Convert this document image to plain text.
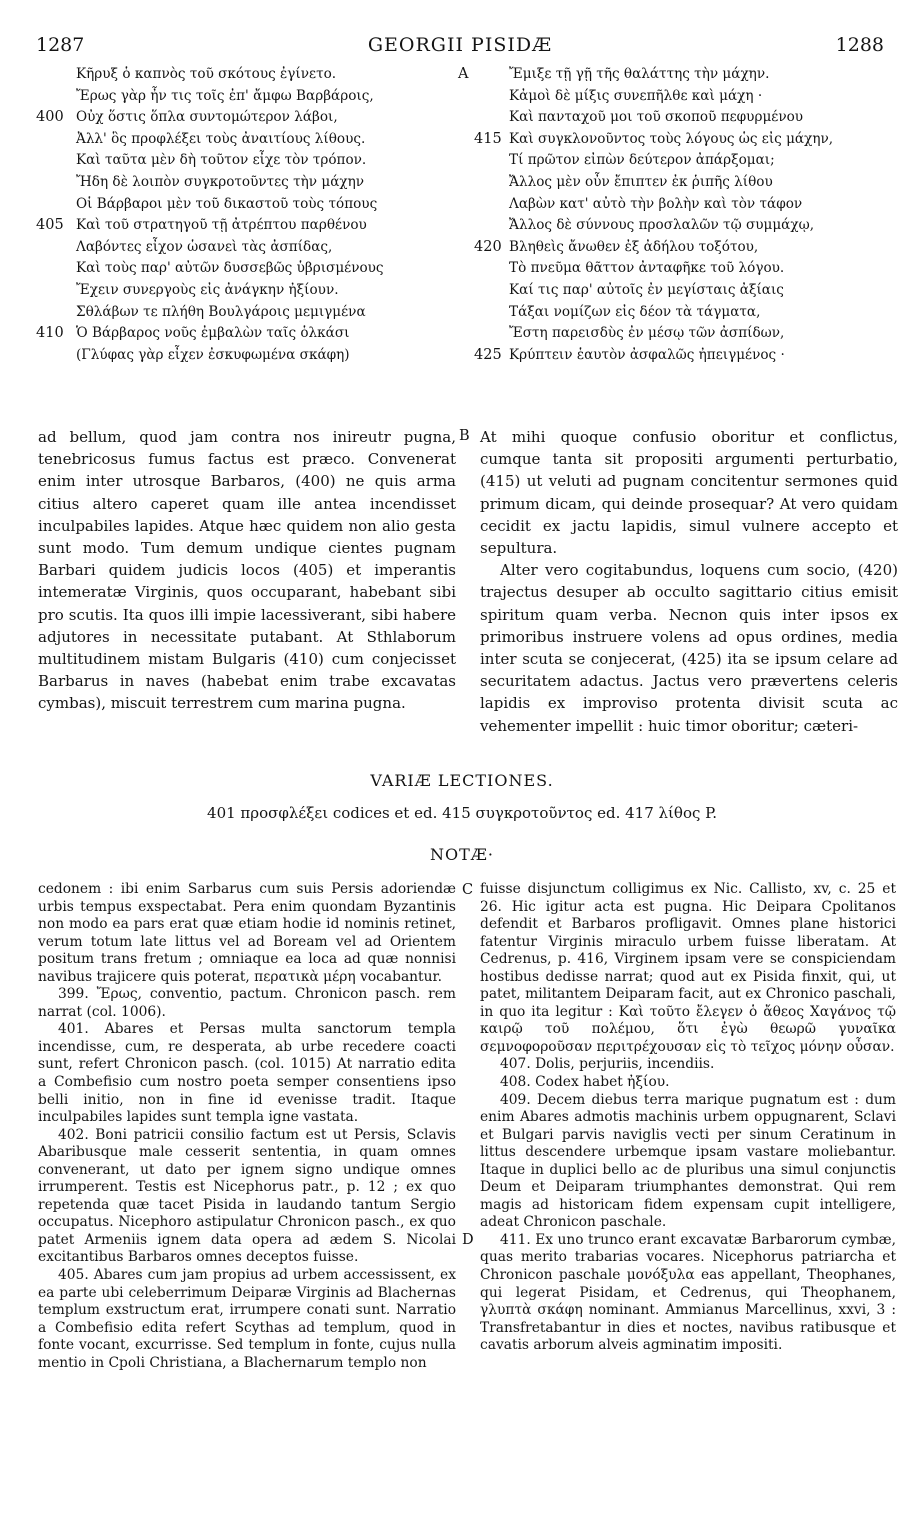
1287	GEORGII PISIDÆ	1288
Κῆρυξ ὁ καπνὸς τοῦ σκότους ἐγίνετο.
Ἔρως γὰρ ἦν τις τοῖς ἐπ' ἄμφω Βαρβάροις,
400 Οὐχ ὅστις ὅπλα συντομώτερον λάβοι,
Ἀλλ' ὃς προφλέξει τοὺς ἀναιτίους λίθους.
Καὶ ταῦτα μὲν δὴ τοῦτον εἶχε τὸν τρόπον.
Ἤδη δὲ λοιπὸν συγκροτοῦντες τὴν μάχην
Οἱ Βάρβαροι μὲν τοῦ δικαστοῦ τοὺς τόπους
405 Καὶ τοῦ στρατηγοῦ τῇ ἀτρέπτου παρθένου
Λαβόντες εἶχον ὡσανεὶ τὰς ἀσπίδας,
Καὶ τοὺς παρ' αὐτῶν δυσσεβῶς ὑβρισμένους
Ἔχειν συνεργοὺς εἰς ἀνάγκην ἠξίουν.
Σθλάβων τε πλήθη Βουλγάροις μεμιγμένα
410 Ὁ Βάρβαρος νοῦς ἐμβαλὼν ταῖς ὁλκάσι
(Γλύφας γὰρ εἶχεν ἐσκυφωμένα σκάφη)
Ἔμιξε τῇ γῇ τῆς θαλάττης τὴν μάχην.
Κἀμοὶ δὲ μίξις συνεπῆλθε καὶ μάχη ·
Καὶ πανταχοῦ μοι τοῦ σκοποῦ πεφυρμένου
415 Καὶ συγκλονοῦντος τοὺς λόγους ὡς εἰς μάχην,
Τί πρῶτον εἰπὼν δεύτερον ἀπάρξομαι;
Ἄλλος μὲν οὖν ἔπιπτεν ἐκ ῥιπῆς λίθου
Λαβὼν κατ' αὐτὸ τὴν βολὴν καὶ τὸν τάφον
Ἄλλος δὲ σύννους προσλαλῶν τῷ συμμάχῳ,
420 Βληθεὶς ἄνωθεν ἐξ ἀδήλου τοξότου,
Τὸ πνεῦμα θᾶττον ἀνταφῆκε τοῦ λόγου.
Καί τις παρ' αὐτοῖς ἐν μεγίσταις ἀξίαις
Τάξαι νομίζων εἰς δέον τὰ τάγματα,
Ἔστη παρεισδὺς ἐν μέσῳ τῶν ἀσπίδων,
425 Κρύπτειν ἑαυτὸν ἀσφαλῶς ἠπειγμένος ·
A
B
C
D

ad bellum, quod jam contra nos inireutr pugna, tenebricosus fumus factus est præco. Convenerat enim inter utrosque Barbaros, (400) ne quis arma citius altero caperet quam ille antea incendisset inculpabiles lapides. Atque hæc quidem non alio gesta sunt modo. Tum demum undique cientes pugnam Barbari quidem judicis locos (405) et imperantis intemeratæ Virginis, quos occuparant, habebant sibi pro scutis. Ita quos illi impie lacessiverant, sibi habere adjutores in necessitate putabant. At Sthlaborum multitudinem mistam Bulgaris (410) cum conjecisset Barbarus in naves (habebat enim trabe excavatas cymbas), miscuit terrestrem cum marina pugna.

At mihi quoque confusio oboritur et conflictus, cumque tanta sit propositi argumenti perturbatio, (415) ut veluti ad pugnam concitentur sermones quid primum dicam, qui deinde prosequar? At vero quidam cecidit ex jactu lapidis, simul vulnere accepto et sepultura.

Alter vero cogitabundus, loquens cum socio, (420) trajectus desuper ab occulto sagittario citius emisit spiritum quam verba. Necnon quis inter ipsos ex primoribus instruere volens ad opus ordines, media inter scuta se conjecerat, (425) ita se ipsum celare ad securitatem adactus. Jactus vero prævertens celeris lapidis ex improviso protenta divisit scuta ac vehementer impellit : huic timor oboritur; cæteri-

VARIÆ LECTIONES.
401 προσφλέξει codices et ed. 415 συγκροτοῦντος ed. 417 λίθος P.
NOTÆ·

cedonem : ibi enim Sarbarus cum suis Persis adoriendæ urbis tempus exspectabat. Pera enim quondam Byzantinis non modo ea pars erat quæ etiam hodie id nominis retinet, verum totum late littus vel ad Boream vel ad Orientem positum trans fretum ; omniaque ea loca ad quæ nonnisi navibus trajicere quis poterat, περατικὰ μέρη vocabantur.

399. Ἔρως, conventio, pactum. Chronicon pasch. rem narrat (col. 1006).

401. Abares et Persas multa sanctorum templa incendisse, cum, re desperata, ab urbe recedere coacti sunt, refert Chronicon pasch. (col. 1015) At narratio edita a Combefisio cum nostro poeta semper consentiens ipso belli initio, non in fine id evenisse tradit. Itaque inculpabiles lapides sunt templa igne vastata.

402. Boni patricii consilio factum est ut Persis, Sclavis Abaribusque male cesserit sententia, in quam omnes convenerant, ut dato per ignem signo undique omnes irrumperent. Testis est Nicephorus patr., p. 12 ; ex quo repetenda quæ tacet Pisida in laudando tantum Sergio occupatus. Nicephoro astipulatur Chronicon pasch., ex quo patet Armeniis ignem data opera ad ædem S. Nicolai excitantibus Barbaros omnes deceptos fuisse.

405. Abares cum jam propius ad urbem accessissent, ex ea parte ubi celeberrimum Deiparæ Virginis ad Blachernas templum exstructum erat, irrumpere conati sunt. Narratio a Combefisio edita refert Scythas ad templum, quod in fonte vocant, excurrisse. Sed templum in fonte, cujus nulla mentio in Cpoli Christiana, a Blachernarum templo non

fuisse disjunctum colligimus ex Nic. Callisto, xv, c. 25 et 26. Hic igitur acta est pugna. Hic Deipara Cpolitanos defendit et Barbaros profligavit. Omnes plane historici fatentur Virginis miraculo urbem fuisse liberatam. At Cedrenus, p. 416, Virginem ipsam vere se conspiciendam hostibus dedisse narrat; quod aut ex Pisida finxit, qui, ut patet, militantem Deiparam facit, aut ex Chronico paschali, in quo ita legitur : Καὶ τοῦτο ἔλεγεν ὁ ἄθεος Χαγάνος τῷ καιρῷ τοῦ πολέμου, ὅτι ἐγὼ θεωρῶ γυναῖκα σεμνοφοροῦσαν περιτρέχουσαν εἰς τὸ τεῖχος μόνην οὖσαν.

407. Dolis, perjuriis, incendiis.

408. Codex habet ἠξίου.

409. Decem diebus terra marique pugnatum est : dum enim Abares admotis machinis urbem oppugnarent, Sclavi et Bulgari parvis naviglis vecti per sinum Ceratinum in littus descendere urbemque ipsam vastare moliebantur. Itaque in duplici bello ac de pluribus una simul conjunctis Deum et Deiparam triumphantes demonstrat. Qui rem magis ad historicam fidem expensam cupit intelligere, adeat Chronicon paschale.

411. Ex uno trunco erant excavatæ Barbarorum cymbæ, quas merito trabarias vocares. Nicephorus patriarcha et Chronicon paschale μονόξυλα eas appellant, Theophanes, qui legerat Pisidam, et Cedrenus, qui Theophanem, γλυπτὰ σκάφη nominant. Ammianus Marcellinus, xxvi, 3 : Transfretabantur in dies et noctes, navibus ratibusque et cavatis arborum alveis agminatim impositi.
